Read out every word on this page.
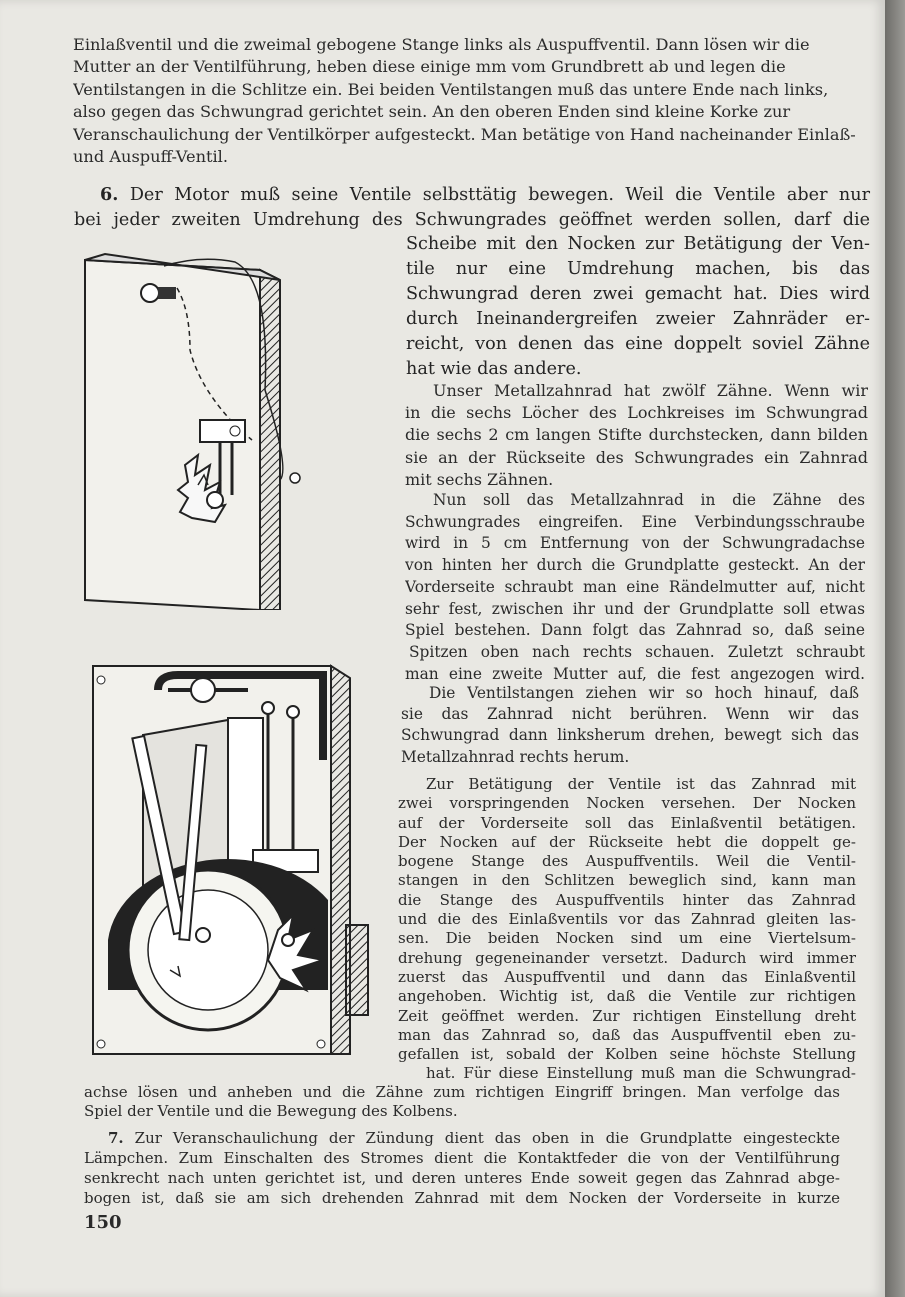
Einlaßventil und die zweimal gebogene Stange links als Auspuffventil. Dann lösen wir die
Mutter an der Ventilführung, heben diese einige mm vom Grundbrett ab und legen die
Ventilstangen in die Schlitze ein. Bei beiden Ventilstangen muß das untere Ende nach links,
also gegen das Schwungrad gerichtet sein. An den oberen Enden sind kleine Korke zur
Veranschaulichung der Ventilkörper aufgesteckt. Man betätige von Hand nacheinander Einlaß-
und Auspuff-Ventil.
6. Der Motor muß seine Ventile selbsttätig bewegen. Weil die Ventile aber nur
bei jeder zweiten Umdrehung des Schwungrades geöffnet werden sollen, darf die
Scheibe mit den Nocken zur Betätigung der Ven-
tile nur eine Umdrehung machen, bis das
Schwungrad deren zwei gemacht hat. Dies wird
durch Ineinandergreifen zweier Zahnräder er-
reicht, von denen das eine doppelt soviel Zähne
hat wie das andere.
Unser Metallzahnrad hat zwölf Zähne. Wenn wir
in die sechs Löcher des Lochkreises im Schwungrad
die sechs 2 cm langen Stifte durchstecken, dann bilden
sie an der Rückseite des Schwungrades ein Zahnrad
mit sechs Zähnen.
Nun soll das Metallzahnrad in die Zähne des
Schwungrades eingreifen. Eine Verbindungsschraube
wird in 5 cm Entfernung von der Schwungradachse
von hinten her durch die Grundplatte gesteckt. An der
Vorderseite schraubt man eine Rändelmutter auf, nicht
sehr fest, zwischen ihr und der Grundplatte soll etwas
Spiel bestehen. Dann folgt das Zahnrad so, daß seine
Spitzen oben nach rechts schauen. Zuletzt schraubt
man eine zweite Mutter auf, die fest angezogen wird.
Die Ventilstangen ziehen wir so hoch hinauf, daß
sie das Zahnrad nicht berühren. Wenn wir das
Schwungrad dann linksherum drehen, bewegt sich das
Metallzahnrad rechts herum.
Zur Betätigung der Ventile ist das Zahnrad mit
zwei vorspringenden Nocken versehen. Der Nocken
auf der Vorderseite soll das Einlaßventil betätigen.
Der Nocken auf der Rückseite hebt die doppelt ge-
bogene Stange des Auspuffventils. Weil die Ventil-
stangen in den Schlitzen beweglich sind, kann man
die Stange des Auspuffventils hinter das Zahnrad
und die des Einlaßventils vor das Zahnrad gleiten las-
sen. Die beiden Nocken sind um eine Viertelsum-
drehung gegeneinander versetzt. Dadurch wird immer
zuerst das Auspuffventil und dann das Einlaßventil
angehoben. Wichtig ist, daß die Ventile zur richtigen
Zeit geöffnet werden. Zur richtigen Einstellung dreht
man das Zahnrad so, daß das Auspuffventil eben zu-
gefallen ist, sobald der Kolben seine höchste Stellung
hat. Für diese Einstellung muß man die Schwungrad-
achse lösen und anheben und die Zähne zum richtigen Eingriff bringen. Man verfolge das
Spiel der Ventile und die Bewegung des Kolbens.
7. Zur Veranschaulichung der Zündung dient das oben in die Grundplatte eingesteckte
Lämpchen. Zum Einschalten des Stromes dient die Kontaktfeder die von der Ventilführung
senkrecht nach unten gerichtet ist, und deren unteres Ende soweit gegen das Zahnrad abge-
bogen ist, daß sie am sich drehenden Zahnrad mit dem Nocken der Vorderseite in kurze
150
